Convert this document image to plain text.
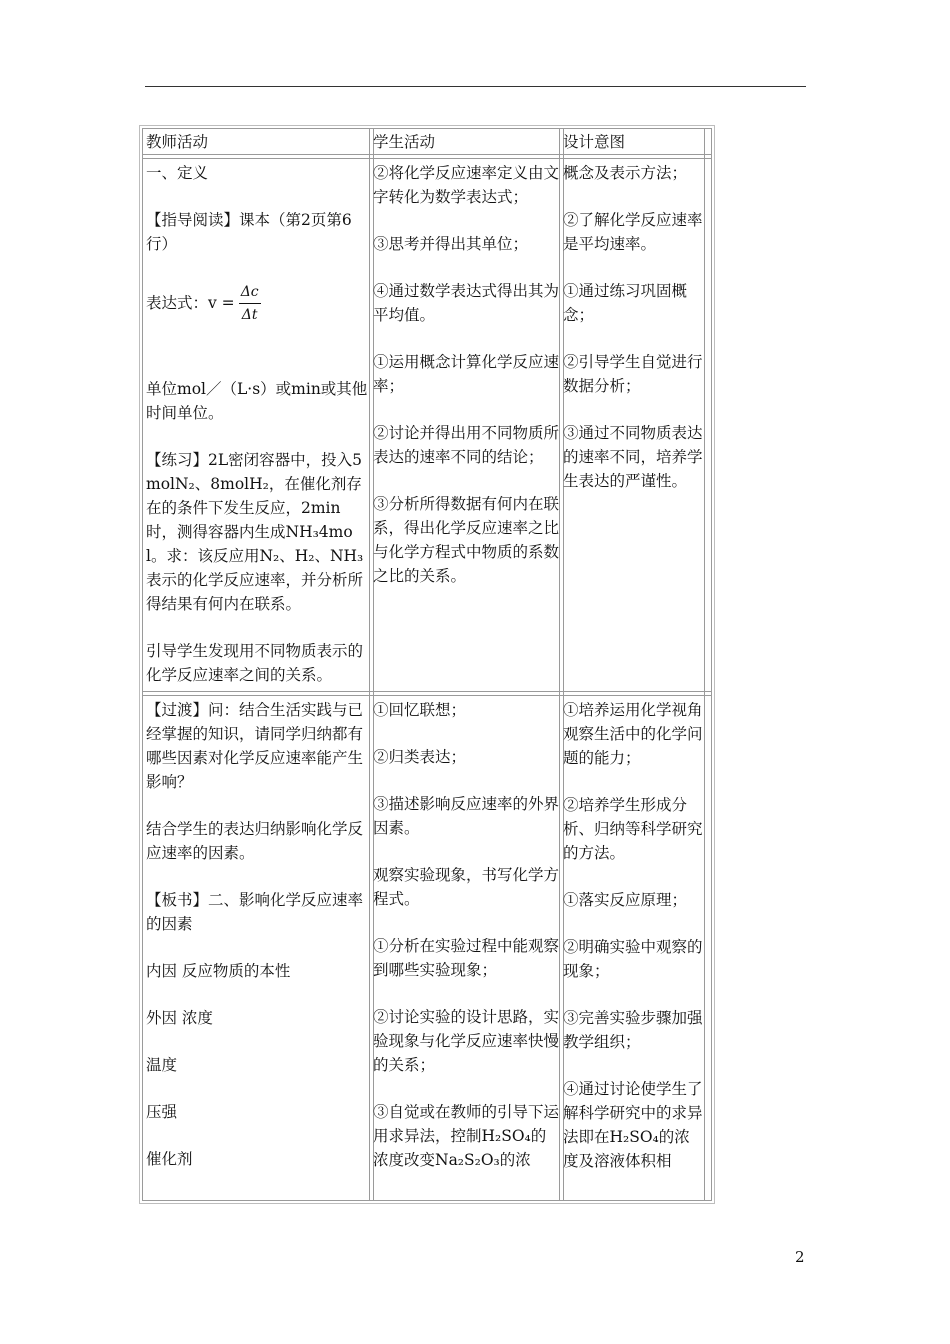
教师活动	学生活动	设计意图

一、定义

【指导阅读】课本（第2页第6行）

表达式：$v = \frac{\Delta c}{\Delta t}$

单位mol／（L·s）或min或其他时间单位。

【练习】2L密闭容器中，投入5molN₂、8molH₂，在催化剂存在的条件下发生反应，2min时，测得容器内生成NH₃4mol。求：该反应用N₂、H₂、NH₃表示的化学反应速率，并分析所得结果有何内在联系。

引导学生发现用不同物质表示的化学反应速率之间的关系。

②将化学反应速率定义由文字转化为数学表达式；

③思考并得出其单位；

④通过数学表达式得出其为平均值。

①运用概念计算化学反应速率；

②讨论并得出用不同物质所表达的速率不同的结论；

③分析所得数据有何内在联系，得出化学反应速率之比与化学方程式中物质的系数之比的关系。

概念及表示方法；

②了解化学反应速率是平均速率。

①通过练习巩固概念；

②引导学生自觉进行数据分析；

③通过不同物质表达的速率不同，培养学生表达的严谨性。

【过渡】问：结合生活实践与已经掌握的知识，请同学归纳都有哪些因素对化学反应速率能产生影响？

结合学生的表达归纳影响化学反应速率的因素。

【板书】二、影响化学反应速率的因素

内因 反应物质的本性

外因 浓度

温度

压强

催化剂

①回忆联想；

②归类表达；

③描述影响反应速率的外界因素。

观察实验现象，书写化学方程式。

①分析在实验过程中能观察到哪些实验现象；

②讨论实验的设计思路，实验现象与化学反应速率快慢的关系；

③自觉或在教师的引导下运用求异法，控制H₂SO₄的浓度改变Na₂S₂O₃的浓

①培养运用化学视角观察生活中的化学问题的能力；

②培养学生形成分析、归纳等科学研究的方法。

①落实反应原理；

②明确实验中观察的现象；

③完善实验步骤加强教学组织；

④通过讨论使学生了解科学研究中的求异法即在H₂SO₄的浓度及溶液体积相

2
